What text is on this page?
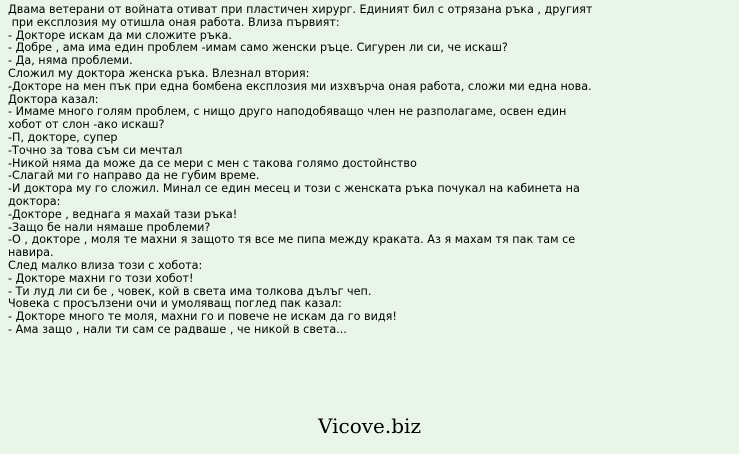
Двама ветерани от войната отиват при пластичен хирург. Единият бил с отрязана ръка , другият
при експлозия му отишла оная работа. Влиза първият:
- Докторе искам да ми сложите ръка.
- Добре , ама има един проблем -имам само женски ръце. Сигурен ли си, че искаш?
- Да, няма проблеми.
Сложил му доктора женска ръка. Влезнал втория:
-Докторе на мен пък при една бомбена експлозия ми изхвърча оная работа, сложи ми една нова.
Доктора казал:
- Имаме много голям проблем, с нищо друго наподобяващо член не разполагаме, освен един
хобот от слон -ако искаш?
-П, докторе, супер
-Точно за това съм си мечтал
-Никой няма да може да се мери с мен с такова голямо достойнство
-Слагай ми го направо да не губим време.
-И доктора му го сложил. Минал се един месец и този с женската ръка почукал на кабинета на
доктора:
-Докторе , веднага я махай тази ръка!
-Защо бе нали нямаше проблеми?
-О , докторе , моля те махни я защото тя все ме пипа между краката. Аз я махам тя пак там се
навира.
След малко влиза този с хобота:
- Докторе махни го този хобот!
- Ти луд ли си бе , човек, кой в света има толкова дълъг чеп.
Човека с просълзени очи и умоляващ поглед пак казал:
- Докторе много те моля, махни го и повече не искам да го видя!
- Ама защо , нали ти сам се радваше , че никой в света...
Vicove.biz
